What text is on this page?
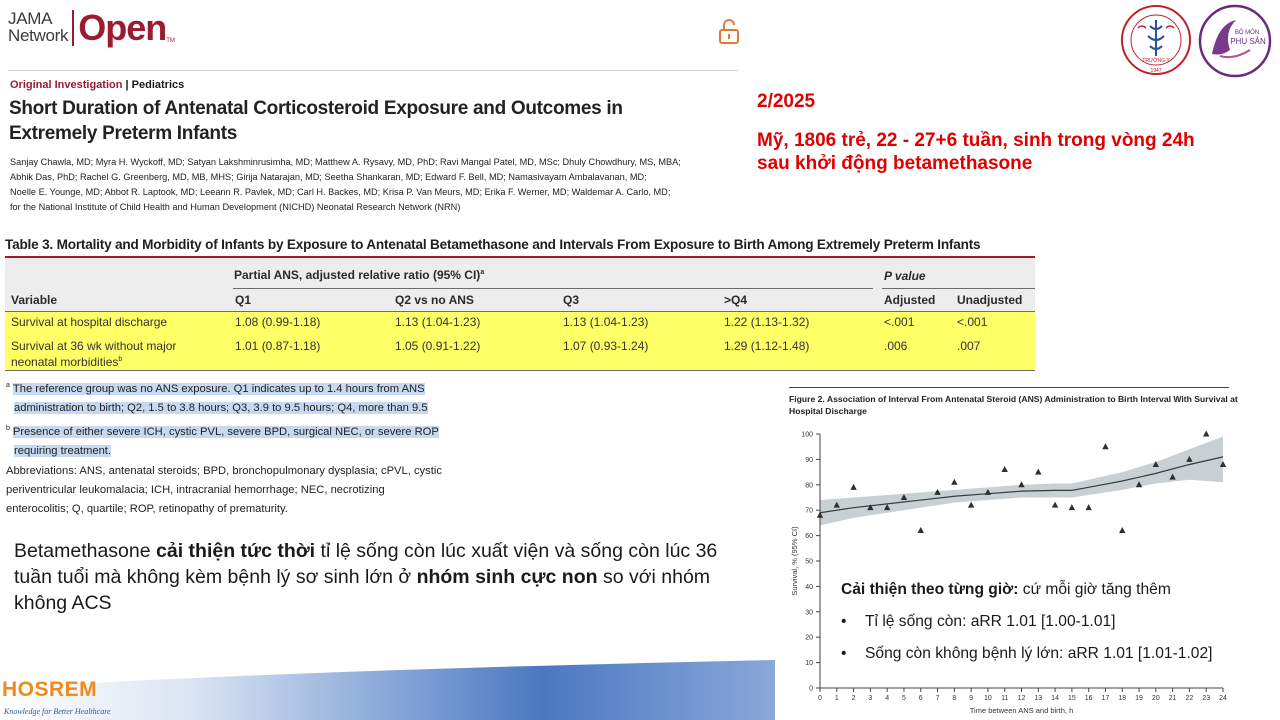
JAMA
Network Open TM
Original Investigation | Pediatrics
Short Duration of Antenatal Corticosteroid Exposure and Outcomes in Extremely Preterm Infants
Sanjay Chawla, MD; Myra H. Wyckoff, MD; Satyan Lakshminrusimha, MD; Matthew A. Rysavy, MD, PhD; Ravi Mangal Patel, MD, MSc; Dhuly Chowdhury, MS, MBA;
Abhik Das, PhD; Rachel G. Greenberg, MD, MB, MHS; Girija Natarajan, MD; Seetha Shankaran, MD; Edward F. Bell, MD; Namasivayam Ambalavanan, MD;
Noelle E. Younge, MD; Abbot R. Laptook, MD; Leeann R. Pavlek, MD; Carl H. Backes, MD; Krisa P. Van Meurs, MD; Erika F. Werner, MD; Waldemar A. Carlo, MD;
for the National Institute of Child Health and Human Development (NICHD) Neonatal Research Network (NRN)
2/2025
Mỹ, 1806 trẻ, 22 - 27+6 tuần, sinh trong vòng 24h sau khởi động betamethasone
TRƯỜNG Y
1947
BỘ MÔN
PHỤ SẢN
Table 3. Mortality and Morbidity of Infants by Exposure to Antenatal Betamethasone and Intervals From Exposure to Birth Among Extremely Preterm Infants
Partial ANS, adjusted relative ratio (95% CI)$^a$	P value
Variable	Q1	Q2 vs no ANS	Q3	>Q4	Adjusted Unadjusted
Survival at hospital discharge	1.08 (0.99-1.18)	1.13 (1.04-1.23)	1.13 (1.04-1.23)	1.22 (1.13-1.32)	<.001	<.001
Survival at 36 wk without major
neonatal morbidities$^b$
1.01 (0.87-1.18)	1.05 (0.91-1.22)	1.07 (0.93-1.24)	1.29 (1.12-1.48)	.006	.007
$^a$ The reference group was no ANS exposure. Q1 indicates up to 1.4 hours from ANS
administration to birth; Q2, 1.5 to 3.8 hours; Q3, 3.9 to 9.5 hours; Q4, more than 9.5
$^b$ Presence of either severe ICH, cystic PVL, severe BPD, surgical NEC, or severe ROP
requiring treatment.
Abbreviations: ANS, antenatal steroids; BPD, bronchopulmonary dysplasia; cPVL, cystic
periventricular leukomalacia; ICH, intracranial hemorrhage; NEC, necrotizing
enterocolitis; Q, quartile; ROP, retinopathy of prematurity.
Betamethasone cải thiện tức thời tỉ lệ sống còn lúc xuất viện và sống còn lúc 36 tuần tuổi mà không kèm bệnh lý sơ sinh lớn ở nhóm sinh cực non so với nhóm không ACS
HOSREM
Knowledge for Better Healthcare
Figure 2. Association of Interval From Antenatal Steroid (ANS) Administration to Birth Interval With Survival at Hospital Discharge
0
10
20
30
40
50
60
70
80
90
100
0 1 2 3 4 5 6 7 8 9 10 11 12 13 14 15 16 17 18 19 20 21 22 23 24
Time between ANS and birth, h
Survival, % (95% CI)	Cải thiện theo từng giờ: cứ mỗi giờ tăng thêm
• Tỉ lệ sống còn: aRR 1.01 [1.00-1.01]
• Sống còn không bệnh lý lớn: aRR 1.01 [1.01-1.02]
